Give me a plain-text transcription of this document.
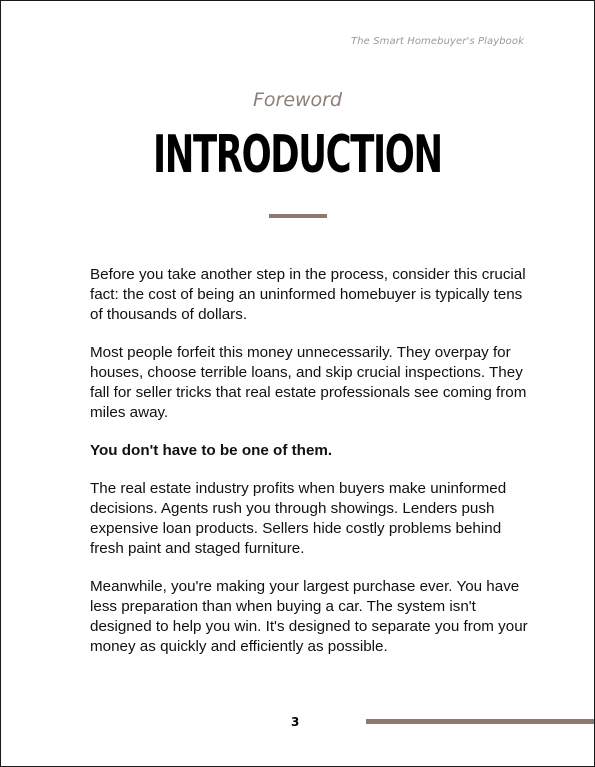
The Smart Homebuyer's Playbook
Foreword
INTRODUCTION

Before you take another step in the process, consider this crucial fact: the cost of being an uninformed homebuyer is typically tens of thousands of dollars.

Most people forfeit this money unnecessarily. They overpay for houses, choose terrible loans, and skip crucial inspections. They fall for seller tricks that real estate professionals see coming from miles away.

You don't have to be one of them.

The real estate industry profits when buyers make uninformed decisions. Agents rush you through showings. Lenders push expensive loan products. Sellers hide costly problems behind fresh paint and staged furniture.

Meanwhile, you're making your largest purchase ever. You have less preparation than when buying a car. The system isn't designed to help you win. It's designed to separate you from your money as quickly and efficiently as possible.

3
